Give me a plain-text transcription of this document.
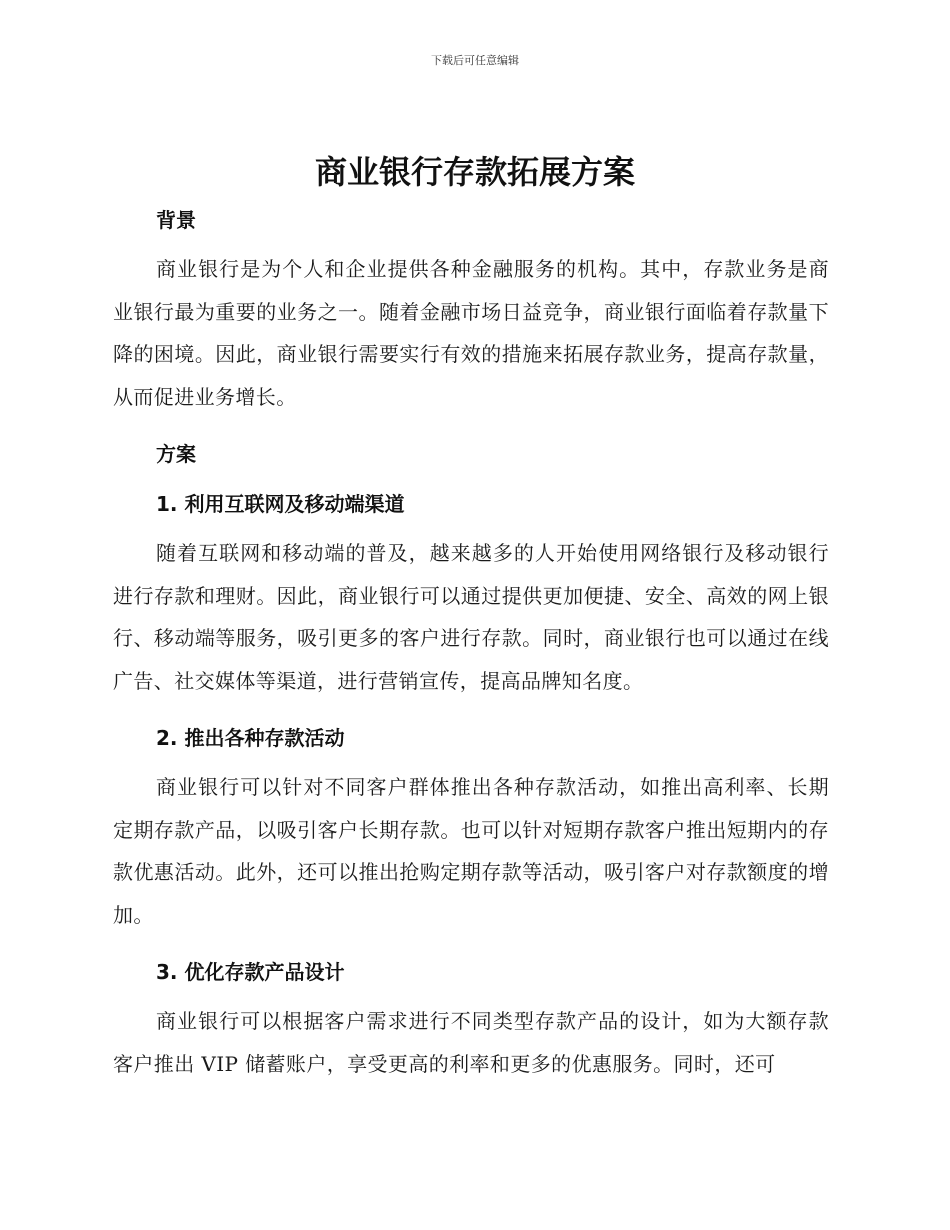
下载后可任意编辑
商业银行存款拓展方案
背景

商业银行是为个人和企业提供各种金融服务的机构。其中，存款业务是商业银行最为重要的业务之一。随着金融市场日益竞争，商业银行面临着存款量下降的困境。因此，商业银行需要实行有效的措施来拓展存款业务，提高存款量，从而促进业务增长。

方案
1. 利用互联网及移动端渠道

随着互联网和移动端的普及，越来越多的人开始使用网络银行及移动银行进行存款和理财。因此，商业银行可以通过提供更加便捷、安全、高效的网上银行、移动端等服务，吸引更多的客户进行存款。同时，商业银行也可以通过在线广告、社交媒体等渠道，进行营销宣传，提高品牌知名度。

2. 推出各种存款活动

商业银行可以针对不同客户群体推出各种存款活动，如推出高利率、长期定期存款产品，以吸引客户长期存款。也可以针对短期存款客户推出短期内的存款优惠活动。此外，还可以推出抢购定期存款等活动，吸引客户对存款额度的增加。

3. 优化存款产品设计

商业银行可以根据客户需求进行不同类型存款产品的设计，如为大额存款客户推出 VIP 储蓄账户，享受更高的利率和更多的优惠服务。同时，还可
